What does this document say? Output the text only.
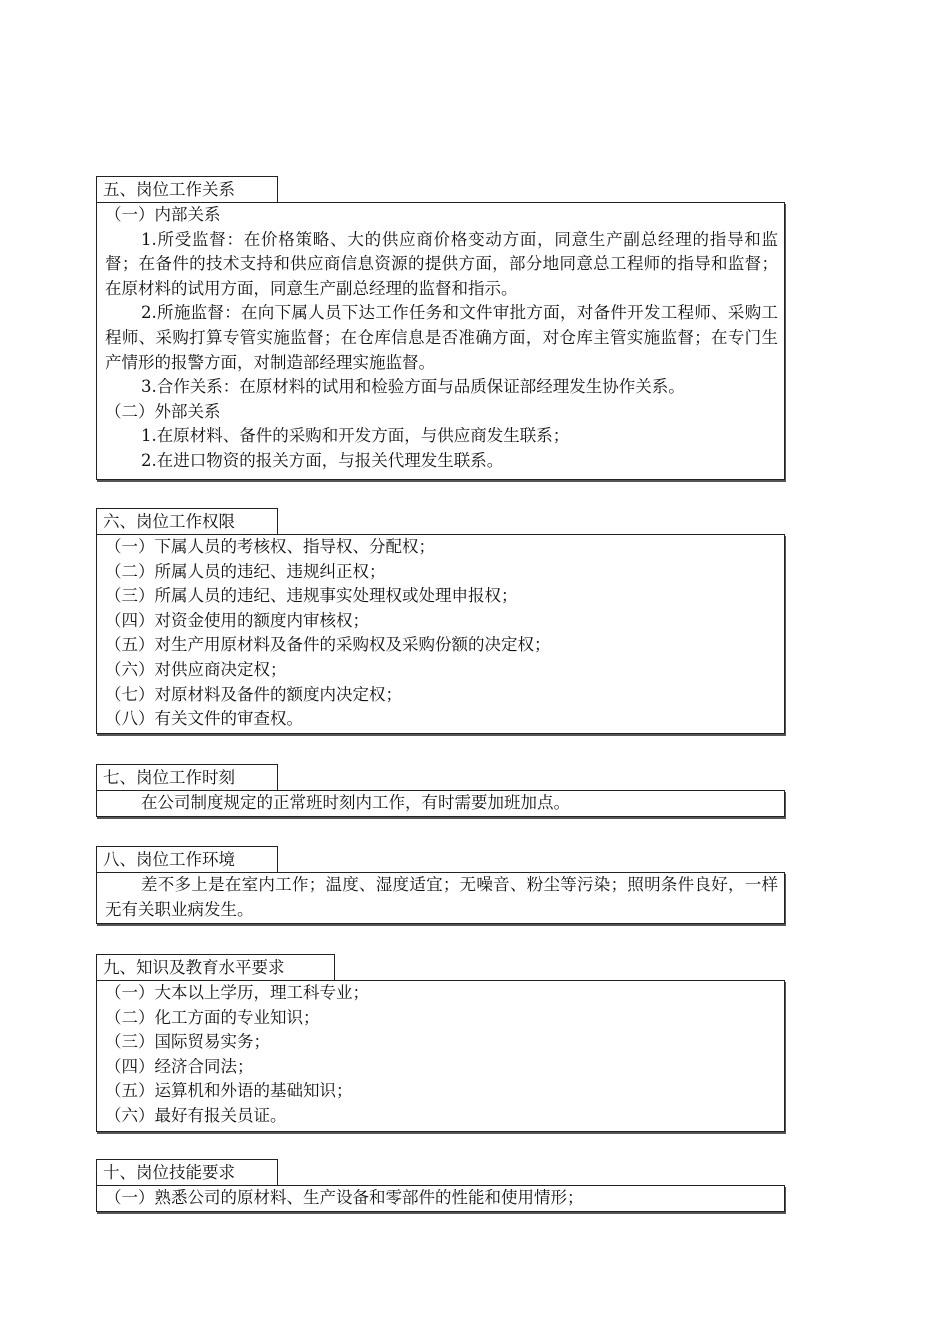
五、岗位工作关系
（一）内部关系
1.所受监督：在价格策略、大的供应商价格变动方面，同意生产副总经理的指导和监督；在备件的技术支持和供应商信息资源的提供方面，部分地同意总工程师的指导和监督；在原材料的试用方面，同意生产副总经理的监督和指示。
2.所施监督：在向下属人员下达工作任务和文件审批方面，对备件开发工程师、采购工程师、采购打算专管实施监督；在仓库信息是否准确方面，对仓库主管实施监督；在专门生产情形的报警方面，对制造部经理实施监督。
3.合作关系：在原材料的试用和检验方面与品质保证部经理发生协作关系。
（二）外部关系
1.在原材料、备件的采购和开发方面，与供应商发生联系；
2.在进口物资的报关方面，与报关代理发生联系。
六、岗位工作权限
（一）下属人员的考核权、指导权、分配权；
（二）所属人员的违纪、违规纠正权；
（三）所属人员的违纪、违规事实处理权或处理申报权；
（四）对资金使用的额度内审核权；
（五）对生产用原材料及备件的采购权及采购份额的决定权；
（六）对供应商决定权；
（七）对原材料及备件的额度内决定权；
（八）有关文件的审查权。
七、岗位工作时刻
在公司制度规定的正常班时刻内工作，有时需要加班加点。
八、岗位工作环境
差不多上是在室内工作；温度、湿度适宜；无噪音、粉尘等污染；照明条件良好，一样无有关职业病发生。
九、知识及教育水平要求
（一）大本以上学历，理工科专业；
（二）化工方面的专业知识；
（三）国际贸易实务；
（四）经济合同法；
（五）运算机和外语的基础知识；
（六）最好有报关员证。
十、岗位技能要求
（一）熟悉公司的原材料、生产设备和零部件的性能和使用情形；
